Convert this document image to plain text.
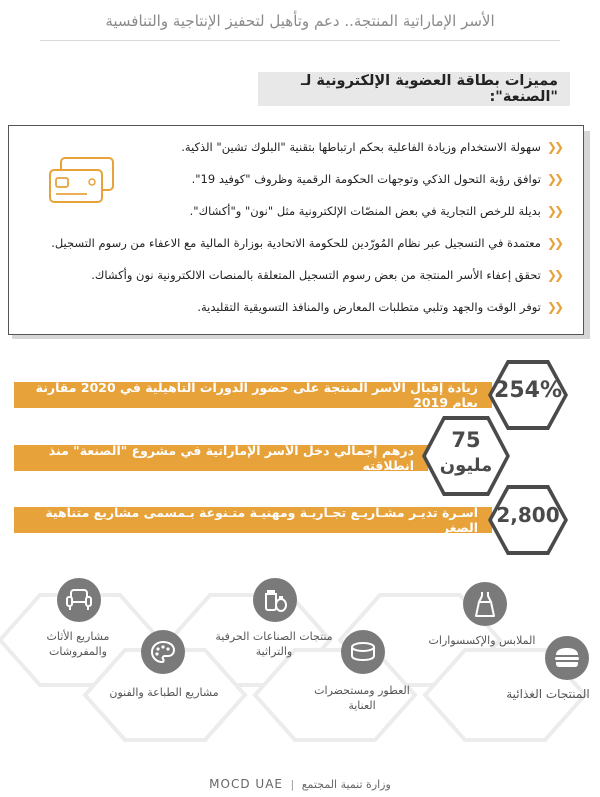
الأسر الإماراتية المنتجة.. دعم وتأهيل لتحفيز الإنتاجية والتنافسية
مميزات بطاقة العضوية الإلكترونية لـ "الصنعة":
❮❮
سهولة الاستخدام وزيادة الفاعلية بحكم ارتباطها بتقنية "البلوك تشين" الذكية.
❮❮
توافق رؤية التحول الذكي وتوجهات الحكومة الرقمية وظروف "كوفيد 19".
❮❮
بديلة للرخص التجارية في بعض المنصّات الإلكترونية مثل "نون" و"أكشاك".
❮❮
معتمدة في التسجيل عبر نظام المُورّدين للحكومة الاتحادية بوزارة المالية مع الاعفاء من رسوم التسجيل.
❮❮
تحقق إعفاء الأسر المنتجة من بعض رسوم التسجيل المتعلقة بالمنصات الالكترونية نون وأكشاك.
❮❮
توفر الوقت والجهد وتلبي متطلبات المعارض والمنافذ التسويقية التقليدية.
زيادة إقبال الأسر المنتجة على حضور الدورات التأهيلية في 2020 مقارنة بعام 2019 254%
درهم إجمالي دخل الأسر الإماراتية في مشروع "الصنعة" منذ انطلاقته
75
مليون
أسـرة تديـر مشـاريـع تجـاريـة ومهنيـة متـنوعة بـمسمى مشاريع متناهية الصغر
2,800
مشاريع الأثاث والمفروشات
منتجات الصناعات الحرفية والتراثية
الملابس والإكسسوارات
مشاريع الطباعة والفنون	العطور ومستحضرات العناية
المنتجات الغذائية
MOCD UAE | وزارة تنمية المجتمع
